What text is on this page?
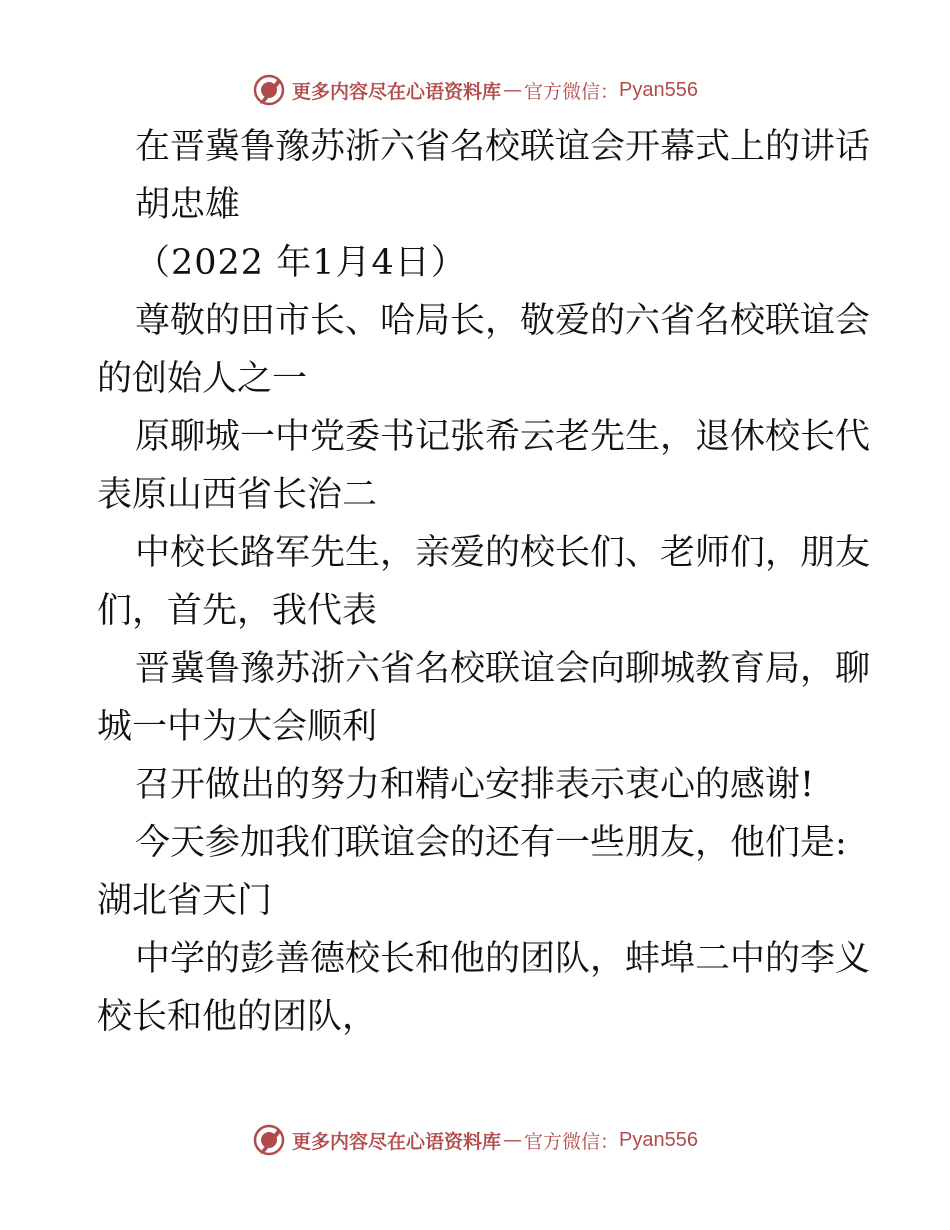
更多内容尽在心语资料库 — 官方微信： Pyan556
在晋冀鲁豫苏浙六省名校联谊会开幕式上的讲话
胡忠雄
（2022 年1月4日）
尊敬的田市长、哈局长，敬爱的六省名校联谊会
的创始人之一
原聊城一中党委书记张希云老先生，退休校长代
表原山西省长治二
中校长路军先生，亲爱的校长们、老师们，朋友
们，首先，我代表
晋冀鲁豫苏浙六省名校联谊会向聊城教育局，聊
城一中为大会顺利
召开做出的努力和精心安排表示衷心的感谢!
今天参加我们联谊会的还有一些朋友，他们是:
湖北省天门
中学的彭善德校长和他的团队，蚌埠二中的李义
校长和他的团队，
更多内容尽在心语资料库 — 官方微信： Pyan556
